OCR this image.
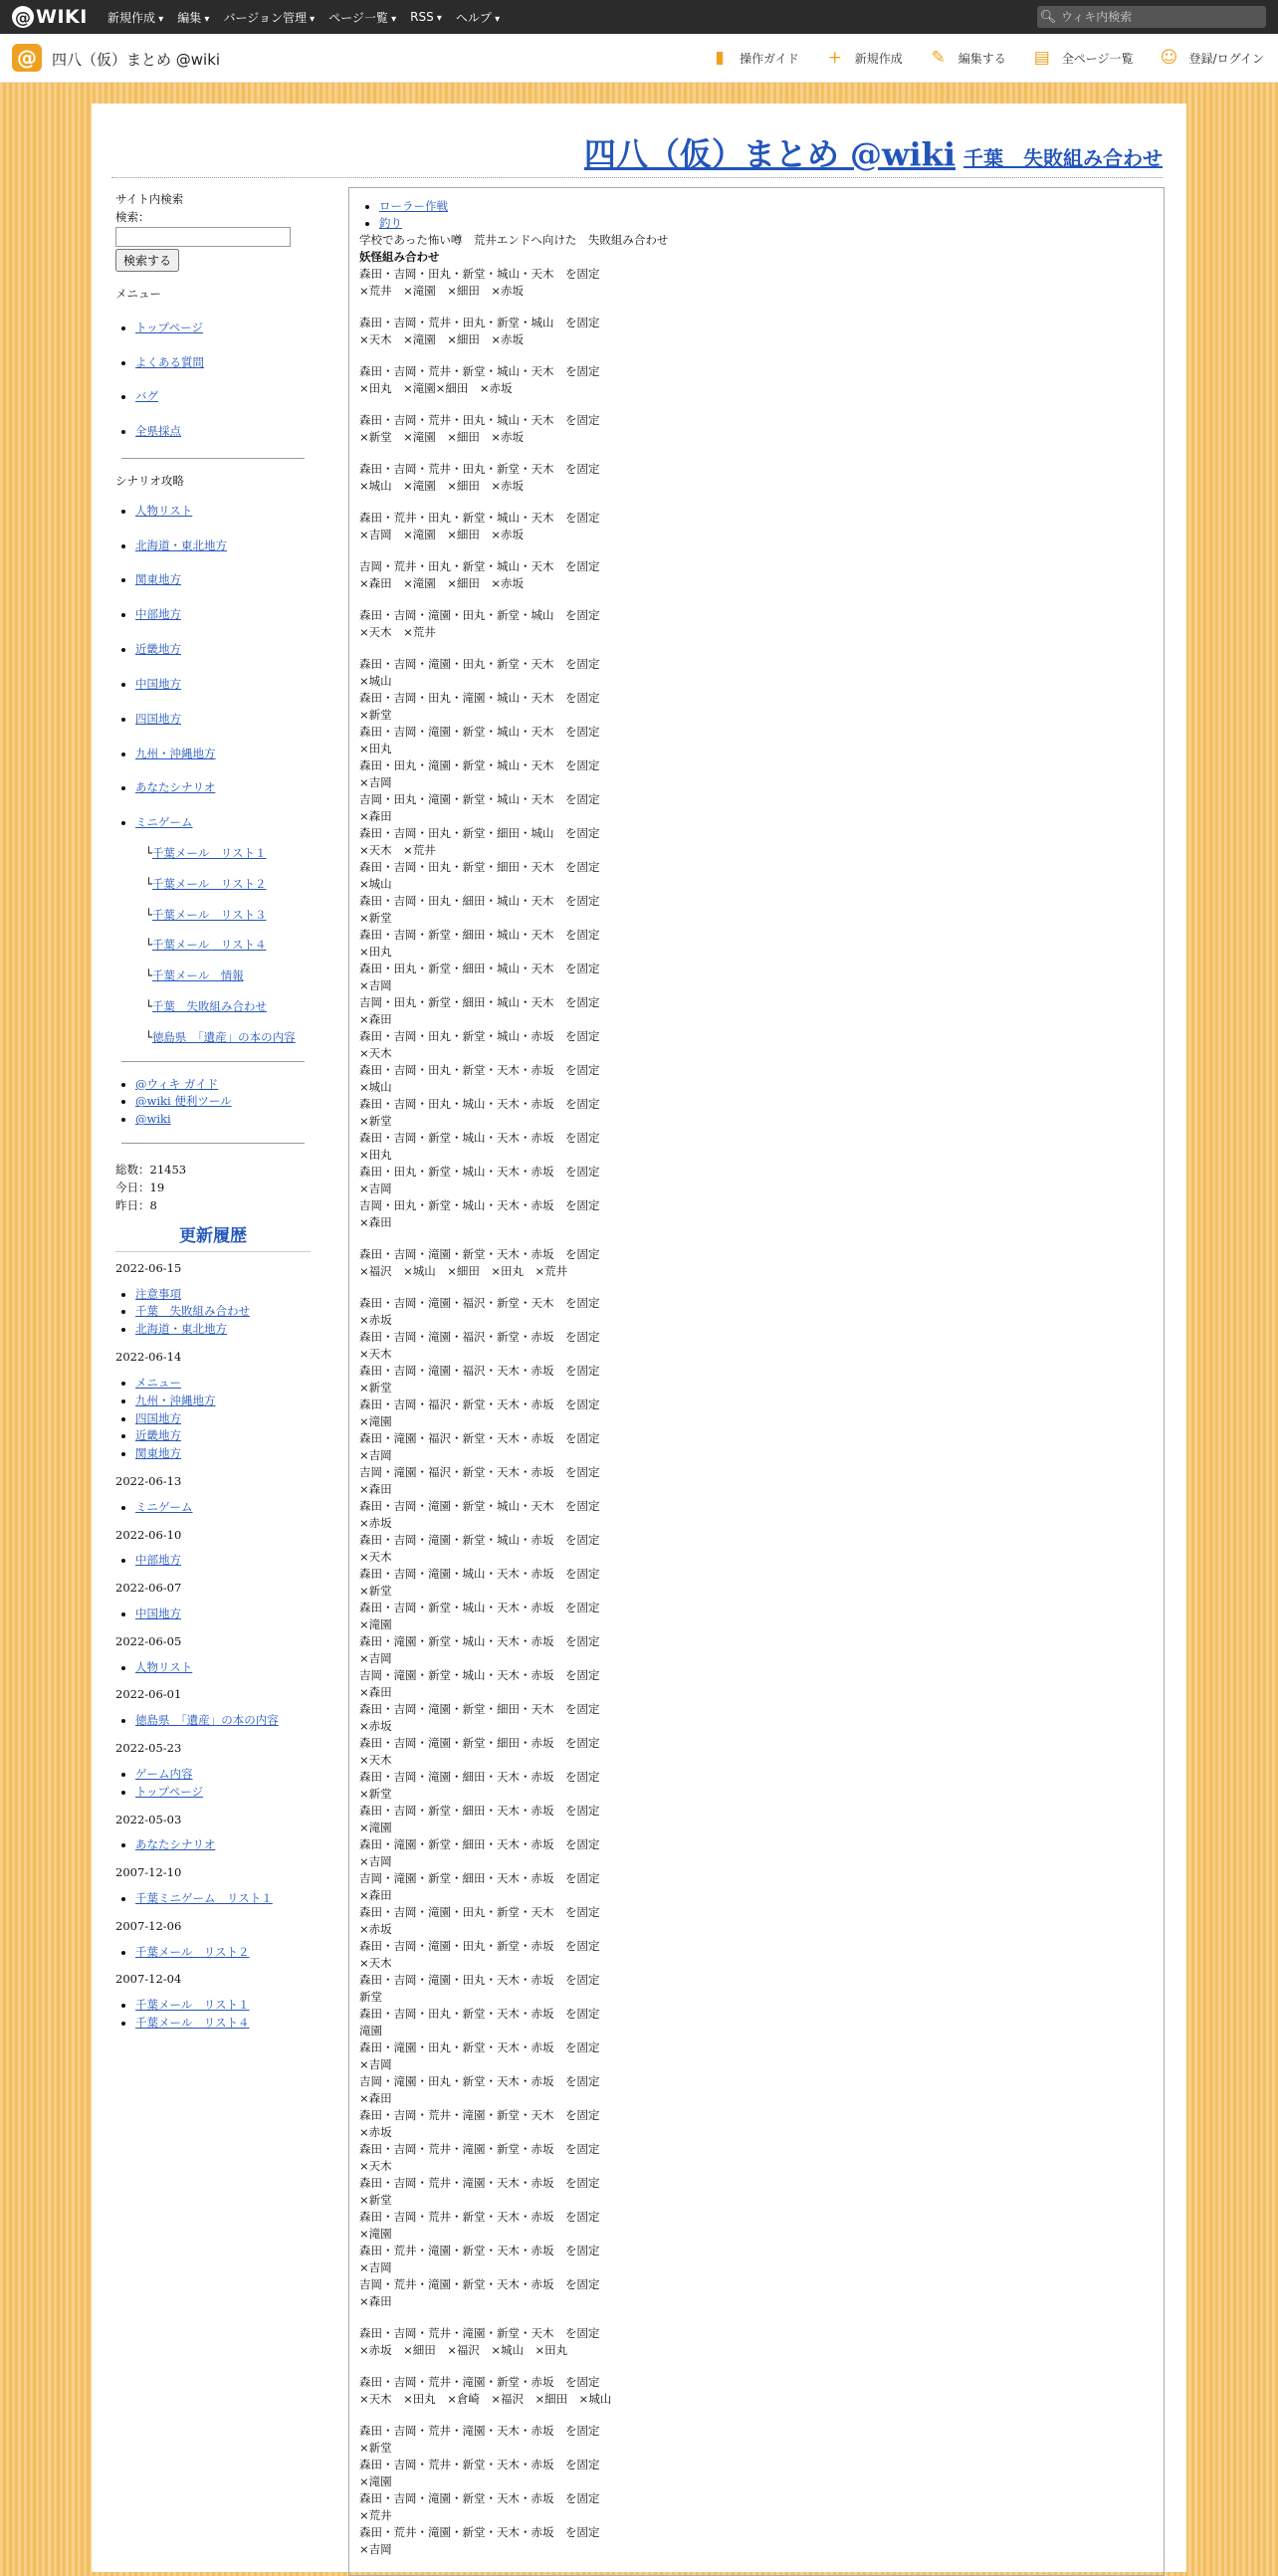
@ WIKI 新規作成 ▾	編集 ▾	バージョン管理 ▾	ページ一覧 ▾	RSS ▾	ヘルプ ▾	🔍︎
ウィキ内検索
@	四八（仮）まとめ @wiki	▮	操作ガイド + 新規作成 ✎ 編集する ▤ 全ページ一覧 ☺ 登録/ログイン
四八（仮）まとめ @wiki 千葉　失敗組み合わせ
サイト内検索
検索：

検索する
メニュー
• トップページ
• よくある質問
• バグ
• 全県採点
シナリオ攻略
• 人物リスト
• 北海道・東北地方
• 関東地方
• 中部地方
• 近畿地方
• 中国地方
• 四国地方
• 九州・沖縄地方
• あなたシナリオ
• ミニゲーム
└千葉メール　リスト１
└千葉メール　リスト２
└千葉メール　リスト３
└千葉メール　リスト４
└千葉メール　情報
└千葉　失敗組み合わせ
└徳島県　「遺産」の本の内容
• @ウィキ ガイド
• @wiki 便利ツール
• @wiki
総数：21453
今日：19
昨日：8
更新履歴
2022-06-15
• 注意事項
• 千葉　失敗組み合わせ
• 北海道・東北地方
2022-06-14
• メニュー
• 九州・沖縄地方
• 四国地方
• 近畿地方
• 関東地方
2022-06-13
• ミニゲーム
2022-06-10
• 中部地方
2022-06-07
• 中国地方
2022-06-05
• 人物リスト
2022-06-01
• 徳島県　「遺産」の本の内容
2022-05-23
• ゲーム内容
• トップページ
2022-05-03
• あなたシナリオ
2007-12-10
• 千葉ミニゲーム　リスト１
2007-12-06
• 千葉メール　リスト２
2007-12-04
• 千葉メール　リスト１
• 千葉メール　リスト４
• ローラー作戦
• 釣り
学校であった怖い噂　荒井エンドへ向けた　失敗組み合わせ
妖怪組み合わせ
森田・吉岡・田丸・新堂・城山・天木　を固定
×荒井　×滝園　×細田　×赤坂
森田・吉岡・荒井・田丸・新堂・城山　を固定
×天木　×滝園　×細田　×赤坂
森田・吉岡・荒井・新堂・城山・天木　を固定
×田丸　×滝園×細田　×赤坂
森田・吉岡・荒井・田丸・城山・天木　を固定
×新堂　×滝園　×細田　×赤坂
森田・吉岡・荒井・田丸・新堂・天木　を固定
×城山　×滝園　×細田　×赤坂
森田・荒井・田丸・新堂・城山・天木　を固定
×吉岡　×滝園　×細田　×赤坂
吉岡・荒井・田丸・新堂・城山・天木　を固定
×森田　×滝園　×細田　×赤坂
森田・吉岡・滝園・田丸・新堂・城山　を固定
×天木　×荒井
森田・吉岡・滝園・田丸・新堂・天木　を固定
×城山
森田・吉岡・田丸・滝園・城山・天木　を固定
×新堂
森田・吉岡・滝園・新堂・城山・天木　を固定
×田丸
森田・田丸・滝園・新堂・城山・天木　を固定
×吉岡
吉岡・田丸・滝園・新堂・城山・天木　を固定
×森田
森田・吉岡・田丸・新堂・細田・城山　を固定
×天木　×荒井
森田・吉岡・田丸・新堂・細田・天木　を固定
×城山
森田・吉岡・田丸・細田・城山・天木　を固定
×新堂
森田・吉岡・新堂・細田・城山・天木　を固定
×田丸
森田・田丸・新堂・細田・城山・天木　を固定
×吉岡
吉岡・田丸・新堂・細田・城山・天木　を固定
×森田
森田・吉岡・田丸・新堂・城山・赤坂　を固定
×天木
森田・吉岡・田丸・新堂・天木・赤坂　を固定
×城山
森田・吉岡・田丸・城山・天木・赤坂　を固定
×新堂
森田・吉岡・新堂・城山・天木・赤坂　を固定
×田丸
森田・田丸・新堂・城山・天木・赤坂　を固定
×吉岡
吉岡・田丸・新堂・城山・天木・赤坂　を固定
×森田
森田・吉岡・滝園・新堂・天木・赤坂　を固定
×福沢　×城山　×細田　×田丸　×荒井
森田・吉岡・滝園・福沢・新堂・天木　を固定
×赤坂
森田・吉岡・滝園・福沢・新堂・赤坂　を固定
×天木
森田・吉岡・滝園・福沢・天木・赤坂　を固定
×新堂
森田・吉岡・福沢・新堂・天木・赤坂　を固定
×滝園
森田・滝園・福沢・新堂・天木・赤坂　を固定
×吉岡
吉岡・滝園・福沢・新堂・天木・赤坂　を固定
×森田
森田・吉岡・滝園・新堂・城山・天木　を固定
×赤坂
森田・吉岡・滝園・新堂・城山・赤坂　を固定
×天木
森田・吉岡・滝園・城山・天木・赤坂　を固定
×新堂
森田・吉岡・新堂・城山・天木・赤坂　を固定
×滝園
森田・滝園・新堂・城山・天木・赤坂　を固定
×吉岡
吉岡・滝園・新堂・城山・天木・赤坂　を固定
×森田
森田・吉岡・滝園・新堂・細田・天木　を固定
×赤坂
森田・吉岡・滝園・新堂・細田・赤坂　を固定
×天木
森田・吉岡・滝園・細田・天木・赤坂　を固定
×新堂
森田・吉岡・新堂・細田・天木・赤坂　を固定
×滝園
森田・滝園・新堂・細田・天木・赤坂　を固定
×吉岡
吉岡・滝園・新堂・細田・天木・赤坂　を固定
×森田
森田・吉岡・滝園・田丸・新堂・天木　を固定
×赤坂
森田・吉岡・滝園・田丸・新堂・赤坂　を固定
×天木
森田・吉岡・滝園・田丸・天木・赤坂　を固定
新堂
森田・吉岡・田丸・新堂・天木・赤坂　を固定
滝園
森田・滝園・田丸・新堂・天木・赤坂　を固定
×吉岡
吉岡・滝園・田丸・新堂・天木・赤坂　を固定
×森田
森田・吉岡・荒井・滝園・新堂・天木　を固定
×赤坂
森田・吉岡・荒井・滝園・新堂・赤坂　を固定
×天木
森田・吉岡・荒井・滝園・天木・赤坂　を固定
×新堂
森田・吉岡・荒井・新堂・天木・赤坂　を固定
×滝園
森田・荒井・滝園・新堂・天木・赤坂　を固定
×吉岡
吉岡・荒井・滝園・新堂・天木・赤坂　を固定
×森田
森田・吉岡・荒井・滝園・新堂・天木　を固定
×赤坂　×細田　×福沢　×城山　×田丸
森田・吉岡・荒井・滝園・新堂・赤坂　を固定
×天木　×田丸　×倉崎　×福沢　×細田　×城山
森田・吉岡・荒井・滝園・天木・赤坂　を固定
×新堂
森田・吉岡・荒井・新堂・天木・赤坂　を固定
×滝園
森田・吉岡・滝園・新堂・天木・赤坂　を固定
×荒井
森田・荒井・滝園・新堂・天木・赤坂　を固定
×吉岡
